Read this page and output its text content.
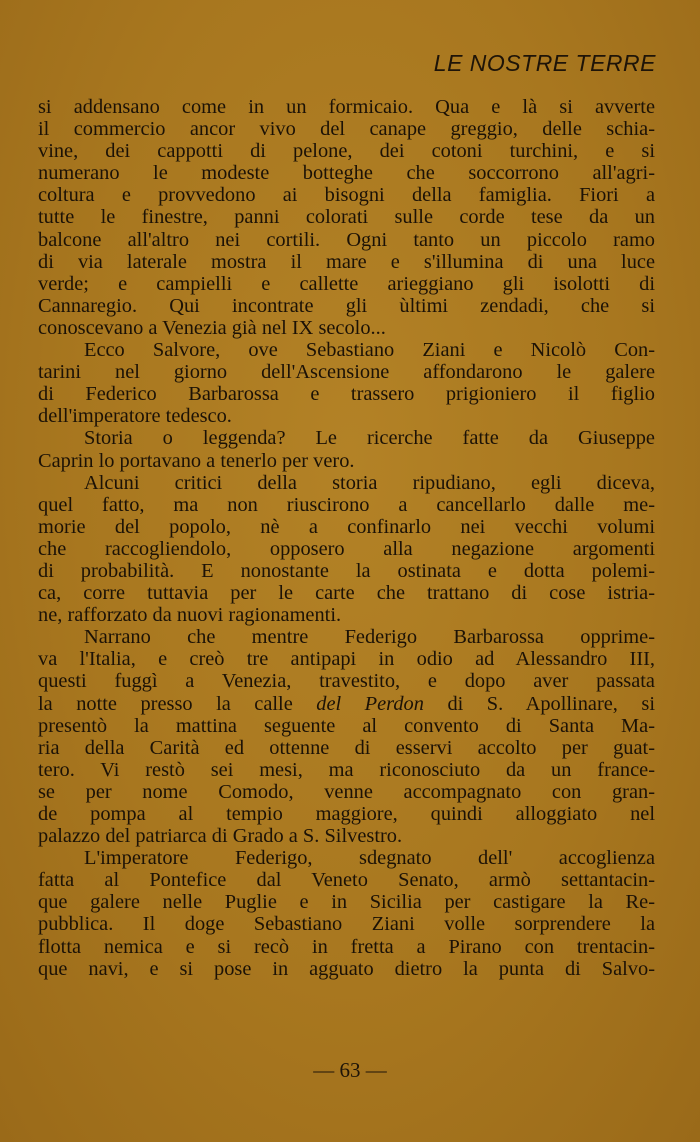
LE NOSTRE TERRE
si addensano come in un formicaio. Qua e là si avverte
il commercio ancor vivo del canape greggio, delle schia-
vine, dei cappotti di pelone, dei cotoni turchini, e si
numerano le modeste botteghe che soccorrono all'agri-
coltura e provvedono ai bisogni della famiglia. Fiori a
tutte le finestre, panni colorati sulle corde tese da un
balcone all'altro nei cortili. Ogni tanto un piccolo ramo
di via laterale mostra il mare e s'illumina di una luce
verde; e campielli e callette arieggiano gli isolotti di
Cannaregio. Qui incontrate gli ùltimi zendadi, che si
conoscevano a Venezia già nel IX secolo...
Ecco Salvore, ove Sebastiano Ziani e Nicolò Con-
tarini nel giorno dell'Ascensione affondarono le galere
di Federico Barbarossa e trassero prigioniero il figlio
dell'imperatore tedesco.
Storia o leggenda? Le ricerche fatte da Giuseppe
Caprin lo portavano a tenerlo per vero.
Alcuni critici della storia ripudiano, egli diceva,
quel fatto, ma non riuscirono a cancellarlo dalle me-
morie del popolo, nè a confinarlo nei vecchi volumi
che raccogliendolo, opposero alla negazione argomenti
di probabilità. E nonostante la ostinata e dotta polemi-
ca, corre tuttavia per le carte che trattano di cose istria-
ne, rafforzato da nuovi ragionamenti.
Narrano che mentre Federigo Barbarossa opprime-
va l'Italia, e creò tre antipapi in odio ad Alessandro III,
questi fuggì a Venezia, travestito, e dopo aver passata
la notte presso la calle del Perdon di S. Apollinare, si
presentò la mattina seguente al convento di Santa Ma-
ria della Carità ed ottenne di esservi accolto per guat-
tero. Vi restò sei mesi, ma riconosciuto da un france-
se per nome Comodo, venne accompagnato con gran-
de pompa al tempio maggiore, quindi alloggiato nel
palazzo del patriarca di Grado a S. Silvestro.
L'imperatore Federigo, sdegnato dell' accoglienza
fatta al Pontefice dal Veneto Senato, armò settantacin-
que galere nelle Puglie e in Sicilia per castigare la Re-
pubblica. Il doge Sebastiano Ziani volle sorprendere la
flotta nemica e si recò in fretta a Pirano con trentacin-
que navi, e si pose in agguato dietro la punta di Salvo-
— 63 —
